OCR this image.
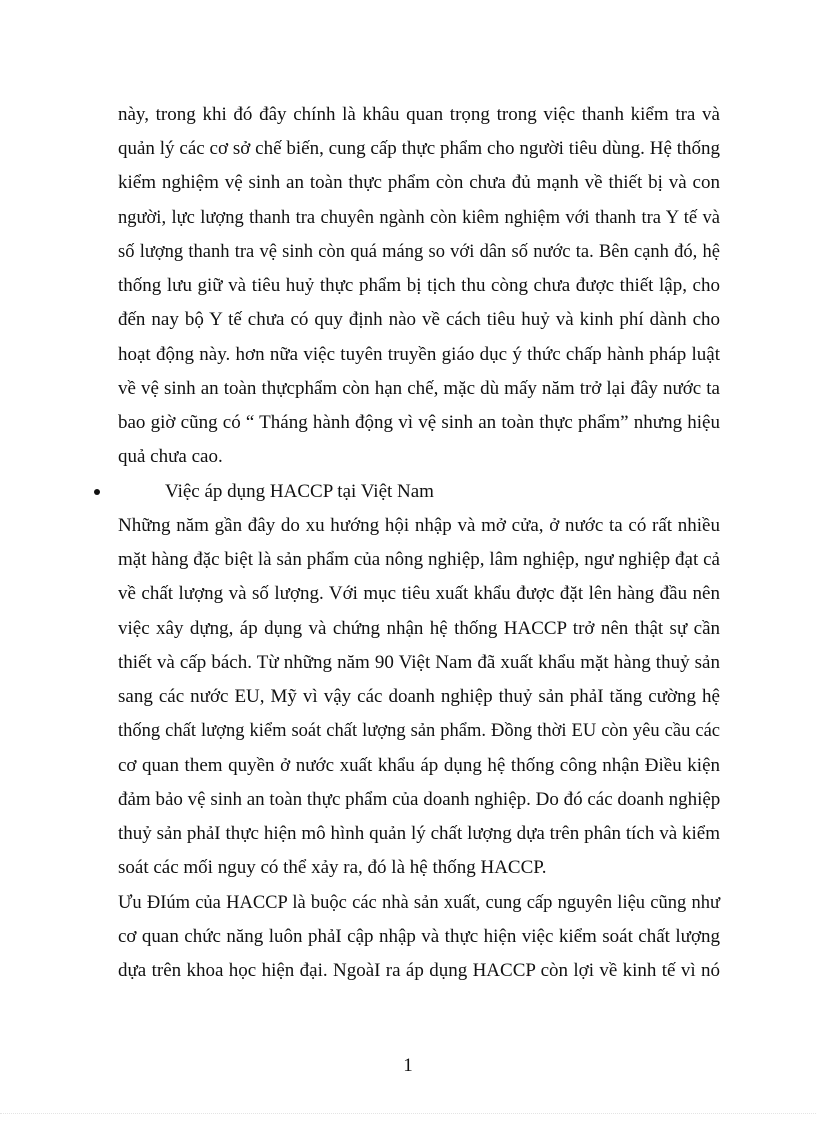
này, trong khi đó đây chính là khâu quan trọng trong việc thanh kiểm tra và
quản lý các cơ sở chế biến, cung cấp thực phẩm cho người tiêu dùng. Hệ thống
kiểm nghiệm vệ sinh an toàn thực phẩm còn chưa đủ mạnh về thiết bị và con
người, lực lượng thanh tra chuyên ngành còn kiêm nghiệm với thanh tra Y tế và
số lượng thanh tra vệ sinh còn quá máng so với dân số nước ta. Bên cạnh đó, hệ
thống lưu giữ và tiêu huỷ thực phẩm bị tịch thu còng chưa được thiết lập, cho
đến nay bộ Y tế chưa có quy định nào về cách tiêu huỷ và kinh phí dành cho
hoạt động này. hơn nữa việc tuyên truyền giáo dục ý thức chấp hành pháp luật
về vệ sinh an toàn thựcphẩm còn hạn chế, mặc dù mấy năm trở lại đây nước ta
bao giờ cũng có “ Tháng hành động vì vệ sinh an toàn thực phẩm” nhưng hiệu
quả chưa cao.
Việc áp dụng HACCP tại Việt Nam
Những năm gần đây do xu hướng hội nhập và mở cửa, ở nước ta có rất nhiều
mặt hàng đặc biệt là sản phẩm của nông nghiệp, lâm nghiệp, ngư nghiệp đạt cả
về chất lượng và số lượng. Với mục tiêu xuất khẩu được đặt lên hàng đầu nên
việc xây dựng, áp dụng và chứng nhận hệ thống HACCP trở nên thật sự cần
thiết và cấp bách. Từ những năm 90 Việt Nam đã xuất khẩu mặt hàng thuỷ sản
sang các nước EU, Mỹ vì vậy các doanh nghiệp thuỷ sản phảI tăng cường hệ
thống chất lượng kiểm soát chất lượng sản phẩm. Đồng thời EU còn yêu cầu các
cơ quan them quyền ở nước xuất khẩu áp dụng hệ thống công nhận Điều kiện
đảm bảo vệ sinh an toàn thực phẩm của doanh nghiệp. Do đó các doanh nghiệp
thuỷ sản phảI thực hiện mô hình quản lý chất lượng dựa trên phân tích và kiểm
soát các mối nguy có thể xảy ra, đó là hệ thống HACCP.
Ưu ĐIúm của HACCP là buộc các nhà sản xuất, cung cấp nguyên liệu cũng như
cơ quan chức năng luôn phảI cập nhập và thực hiện việc kiểm soát chất lượng
dựa trên khoa học hiện đại. NgoàI ra áp dụng HACCP còn lợi về kinh tế vì nó
1
